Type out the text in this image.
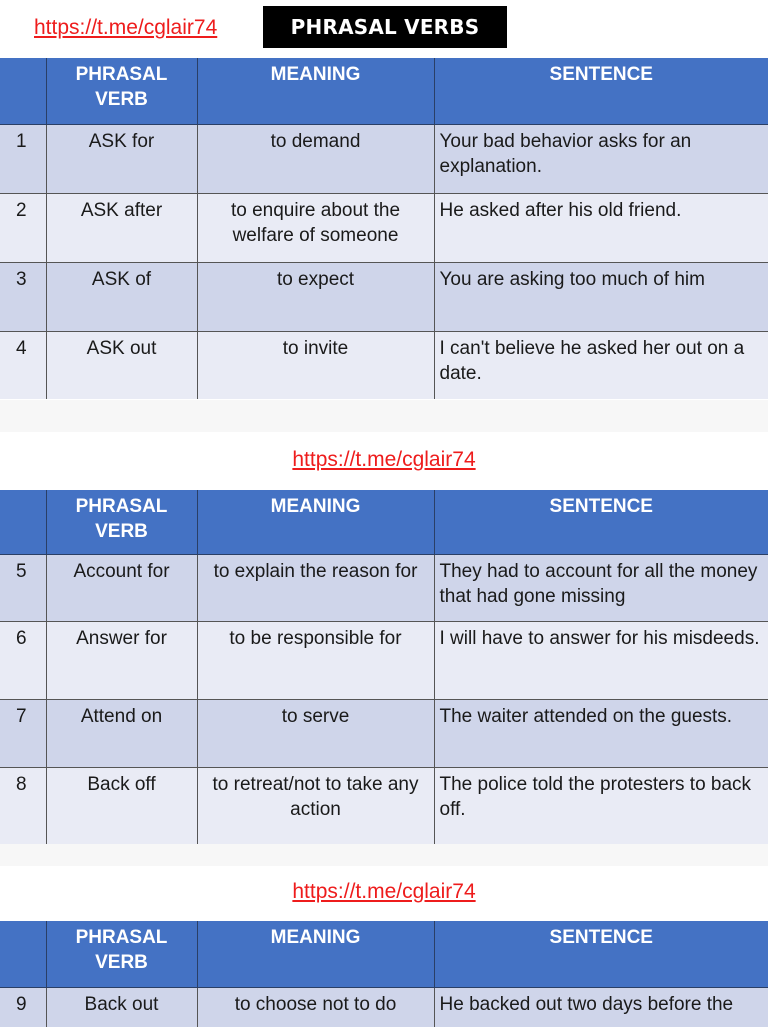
https://t.me/cglair74	PHRASAL VERBS
	PHRASAL VERB	MEANING	SENTENCE
1	ASK for	to demand	Your bad behavior asks for an explanation.
2	ASK after	to enquire about the welfare of someone	He asked after his old friend.
3	ASK of	to expect	You are asking too much of him
4	ASK out	to invite	I can't believe he asked her out on a date.
https://t.me/cglair74
	PHRASAL VERB	MEANING	SENTENCE
5	Account for	to explain the reason for	They had to account for all the money that had gone missing
6	Answer for	to be responsible for	I will have to answer for his misdeeds.
7	Attend on	to serve	The waiter attended on the guests.
8	Back off	to retreat/not to take any action	The police told the protesters to back off.
https://t.me/cglair74
	PHRASAL VERB	MEANING	SENTENCE
9	Back out	to choose not to do	He backed out two days before the
